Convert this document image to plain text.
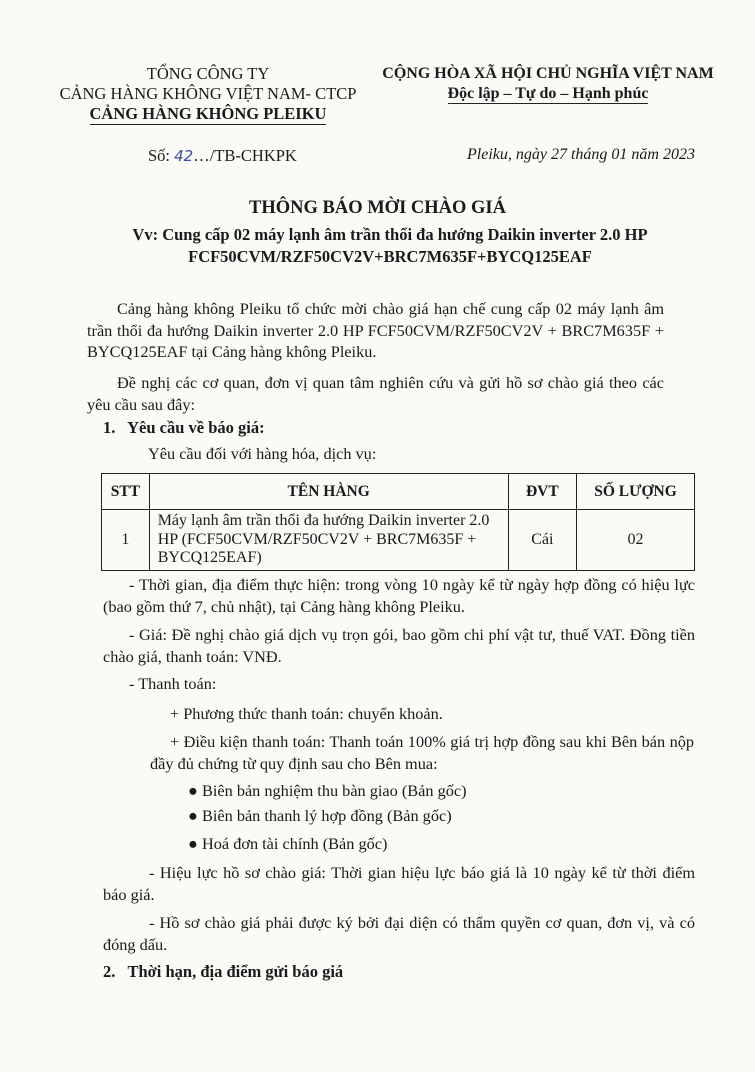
TỔNG CÔNG TY
CẢNG HÀNG KHÔNG VIỆT NAM- CTCP
CẢNG HÀNG KHÔNG PLEIKU
CỘNG HÒA XÃ HỘI CHỦ NGHĨA VIỆT NAM
Độc lập – Tự do – Hạnh phúc
Số: 42…/TB-CHKPK	Pleiku, ngày 27 tháng 01 năm 2023
THÔNG BÁO MỜI CHÀO GIÁ
Vv: Cung cấp 02 máy lạnh âm trần thổi đa hướng Daikin inverter 2.0 HP
FCF50CVM/RZF50CV2V+BRC7M635F+BYCQ125EAF
Cảng hàng không Pleiku tổ chức mời chào giá hạn chế cung cấp 02 máy lạnh âm trần thổi đa hướng Daikin inverter 2.0 HP FCF50CVM/RZF50CV2V + BRC7M635F + BYCQ125EAF tại Cảng hàng không Pleiku.
Đề nghị các cơ quan, đơn vị quan tâm nghiên cứu và gửi hồ sơ chào giá theo các yêu cầu sau đây:
1.   Yêu cầu về báo giá:
Yêu cầu đối với hàng hóa, dịch vụ:
STT	TÊN HÀNG	ĐVT	SỐ LƯỢNG
1	Máy lạnh âm trần thổi đa hướng Daikin inverter 2.0 HP (FCF50CVM/RZF50CV2V + BRC7M635F + BYCQ125EAF)	Cái	02
- Thời gian, địa điểm thực hiện: trong vòng 10 ngày kể từ ngày hợp đồng có hiệu lực (bao gồm thứ 7, chủ nhật), tại Cảng hàng không Pleiku.
- Giá: Đề nghị chào giá dịch vụ trọn gói, bao gồm chi phí vật tư, thuế VAT. Đồng tiền chào giá, thanh toán: VNĐ.
- Thanh toán:
+ Phương thức thanh toán: chuyển khoản.
+ Điều kiện thanh toán: Thanh toán 100% giá trị hợp đồng sau khi Bên bán nộp đầy đủ chứng từ quy định sau cho Bên mua:
● Biên bản nghiệm thu bàn giao (Bản gốc)
● Biên bản thanh lý hợp đồng (Bản gốc)
● Hoá đơn tài chính (Bản gốc)
- Hiệu lực hồ sơ chào giá: Thời gian hiệu lực báo giá là 10 ngày kể từ thời điểm báo giá.
- Hồ sơ chào giá phải được ký bởi đại diện có thẩm quyền cơ quan, đơn vị, và có đóng dấu.
2.   Thời hạn, địa điểm gửi báo giá
